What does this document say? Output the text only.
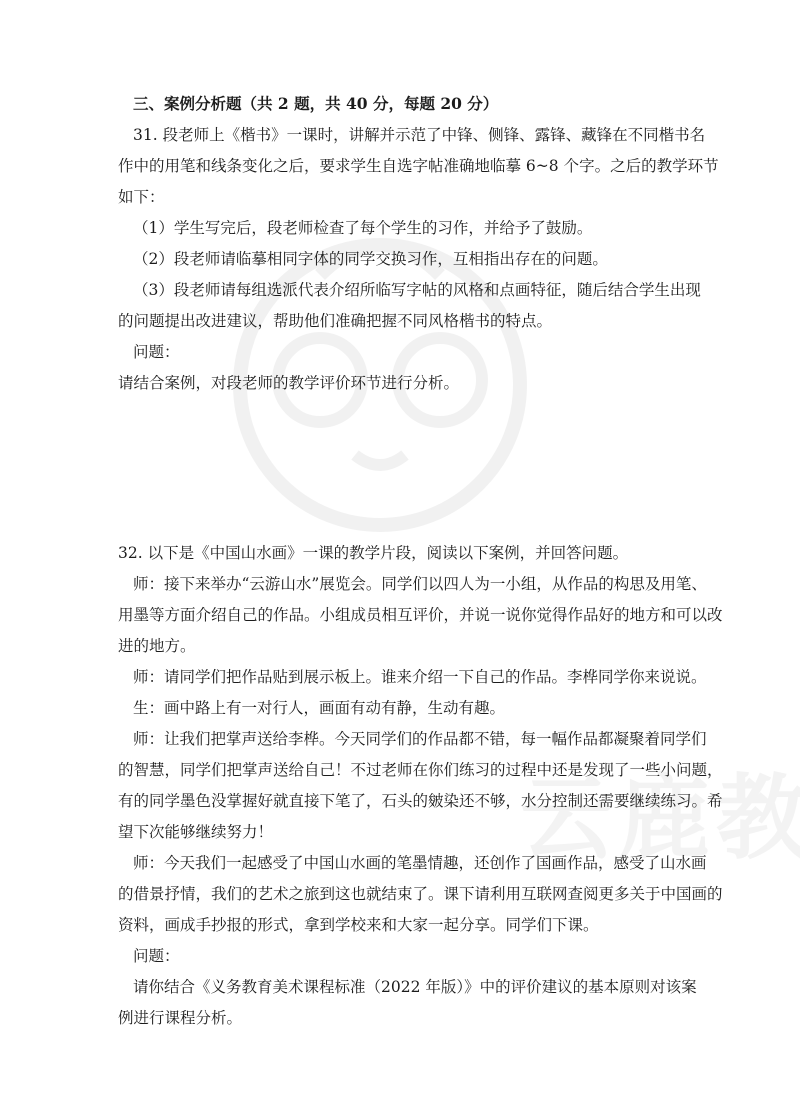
三、案例分析题（共 2 题，共 40 分，每题 20 分）
31. 段老师上《楷书》一课时，讲解并示范了中锋、侧锋、露锋、藏锋在不同楷书名
作中的用笔和线条变化之后，要求学生自选字帖准确地临摹 6~8 个字。之后的教学环节
如下：
（1）学生写完后，段老师检查了每个学生的习作，并给予了鼓励。
（2）段老师请临摹相同字体的同学交换习作，互相指出存在的问题。
（3）段老师请每组选派代表介绍所临写字帖的风格和点画特征，随后结合学生出现
的问题提出改进建议，帮助他们准确把握不同风格楷书的特点。
问题：
请结合案例，对段老师的教学评价环节进行分析。
32. 以下是《中国山水画》一课的教学片段，阅读以下案例，并回答问题。
师：接下来举办“云游山水”展览会。同学们以四人为一小组，从作品的构思及用笔、
用墨等方面介绍自己的作品。小组成员相互评价，并说一说你觉得作品好的地方和可以改
进的地方。
师：请同学们把作品贴到展示板上。谁来介绍一下自己的作品。李桦同学你来说说。
生：画中路上有一对行人，画面有动有静，生动有趣。
师：让我们把掌声送给李桦。今天同学们的作品都不错，每一幅作品都凝聚着同学们
的智慧，同学们把掌声送给自己！不过老师在你们练习的过程中还是发现了一些小问题，
有的同学墨色没掌握好就直接下笔了，石头的皴染还不够，水分控制还需要继续练习。希
望下次能够继续努力！
师：今天我们一起感受了中国山水画的笔墨情趣，还创作了国画作品，感受了山水画
的借景抒情，我们的艺术之旅到这也就结束了。课下请利用互联网查阅更多关于中国画的
资料，画成手抄报的形式，拿到学校来和大家一起分享。同学们下课。
问题：
请你结合《义务教育美术课程标准（2022 年版）》中的评价建议的基本原则对该案
例进行课程分析。
